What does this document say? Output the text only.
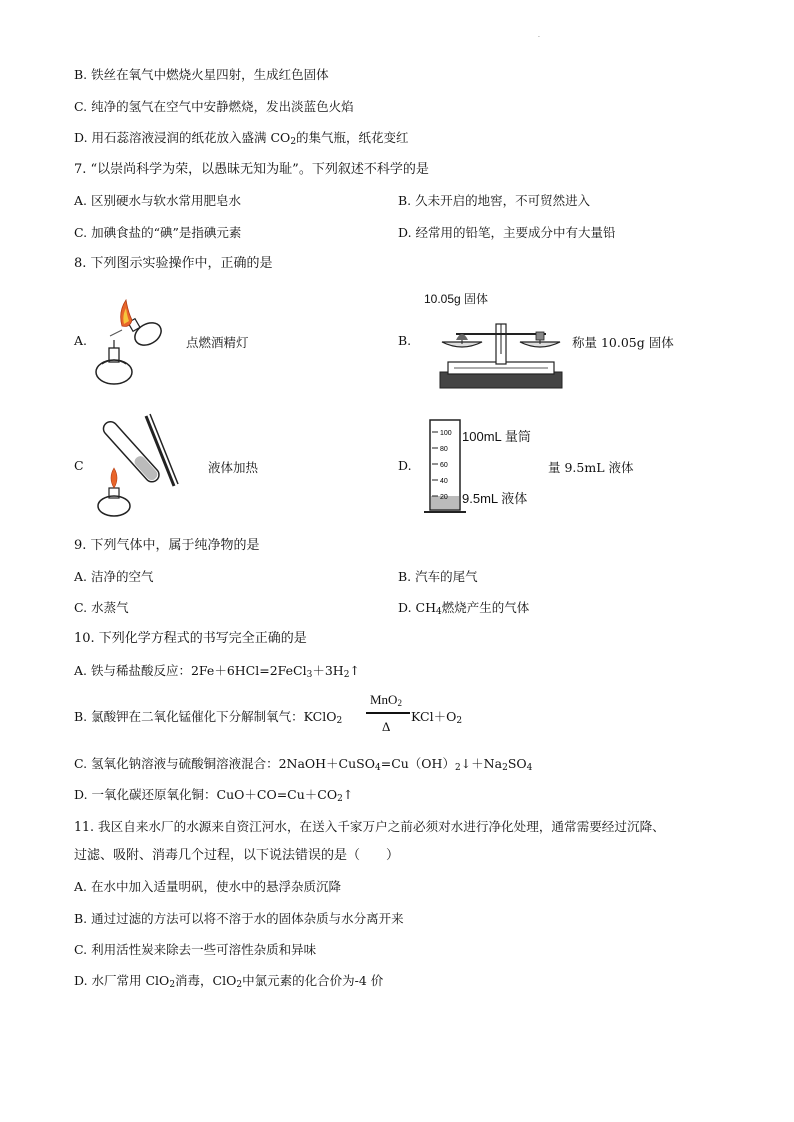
.
B. 铁丝在氧气中燃烧火星四射，生成红色固体
C. 纯净的氢气在空气中安静燃烧，发出淡蓝色火焰
D. 用石蕊溶液浸润的纸花放入盛满 $CO_2$的集气瓶，纸花变红
7. “以崇尚科学为荣，以愚昧无知为耻”。下列叙述不科学的是
A. 区别硬水与软水常用肥皂水	B. 久未开启的地窖，不可贸然进入
C. 加碘食盐的“碘”是指碘元素	D. 经常用的铅笔，主要成分中有大量铅
8. 下列图示实验操作中，正确的是
A.	点燃酒精灯	B.
10.05g 固体
称量 10.05g 固体
C	液体加热	D.
100
80
60
40
20
100mL 量筒
9.5mL 液体
量 9.5mL 液体
9. 下列气体中，属于纯净物的是
A. 洁净的空气	B. 汽车的尾气
C. 水蒸气	D. $CH_4$燃烧产生的气体
10. 下列化学方程式的书写完全正确的是
A. 铁与稀盐酸反应：$2Fe+6HCl=2FeCl_3+3H_2↑$
B. 氯酸钾在二氧化锰催化下分解制氧气：KClO$_2$
MnO$_2$
Δ
$KCl+O_2$
C. 氢氧化钠溶液与硫酸铜溶液混合：$2NaOH+CuSO_4=Cu(OH)_2↓+Na_2SO_4$
D. 一氧化碳还原氧化铜：$CuO+CO=Cu+CO_2↑$
11. 我区自来水厂的水源来自资江河水，在送入千家万户之前必须对水进行净化处理，通常需要经过沉降、
过滤、吸附、消毒几个过程，以下说法错误的是（　　）
A. 在水中加入适量明矾，使水中的悬浮杂质沉降
B. 通过过滤的方法可以将不溶于水的固体杂质与水分离开来
C. 利用活性炭来除去一些可溶性杂质和异味
D. 水厂常用 ClO$_2$消毒，ClO$_2$中氯元素的化合价为-4 价
